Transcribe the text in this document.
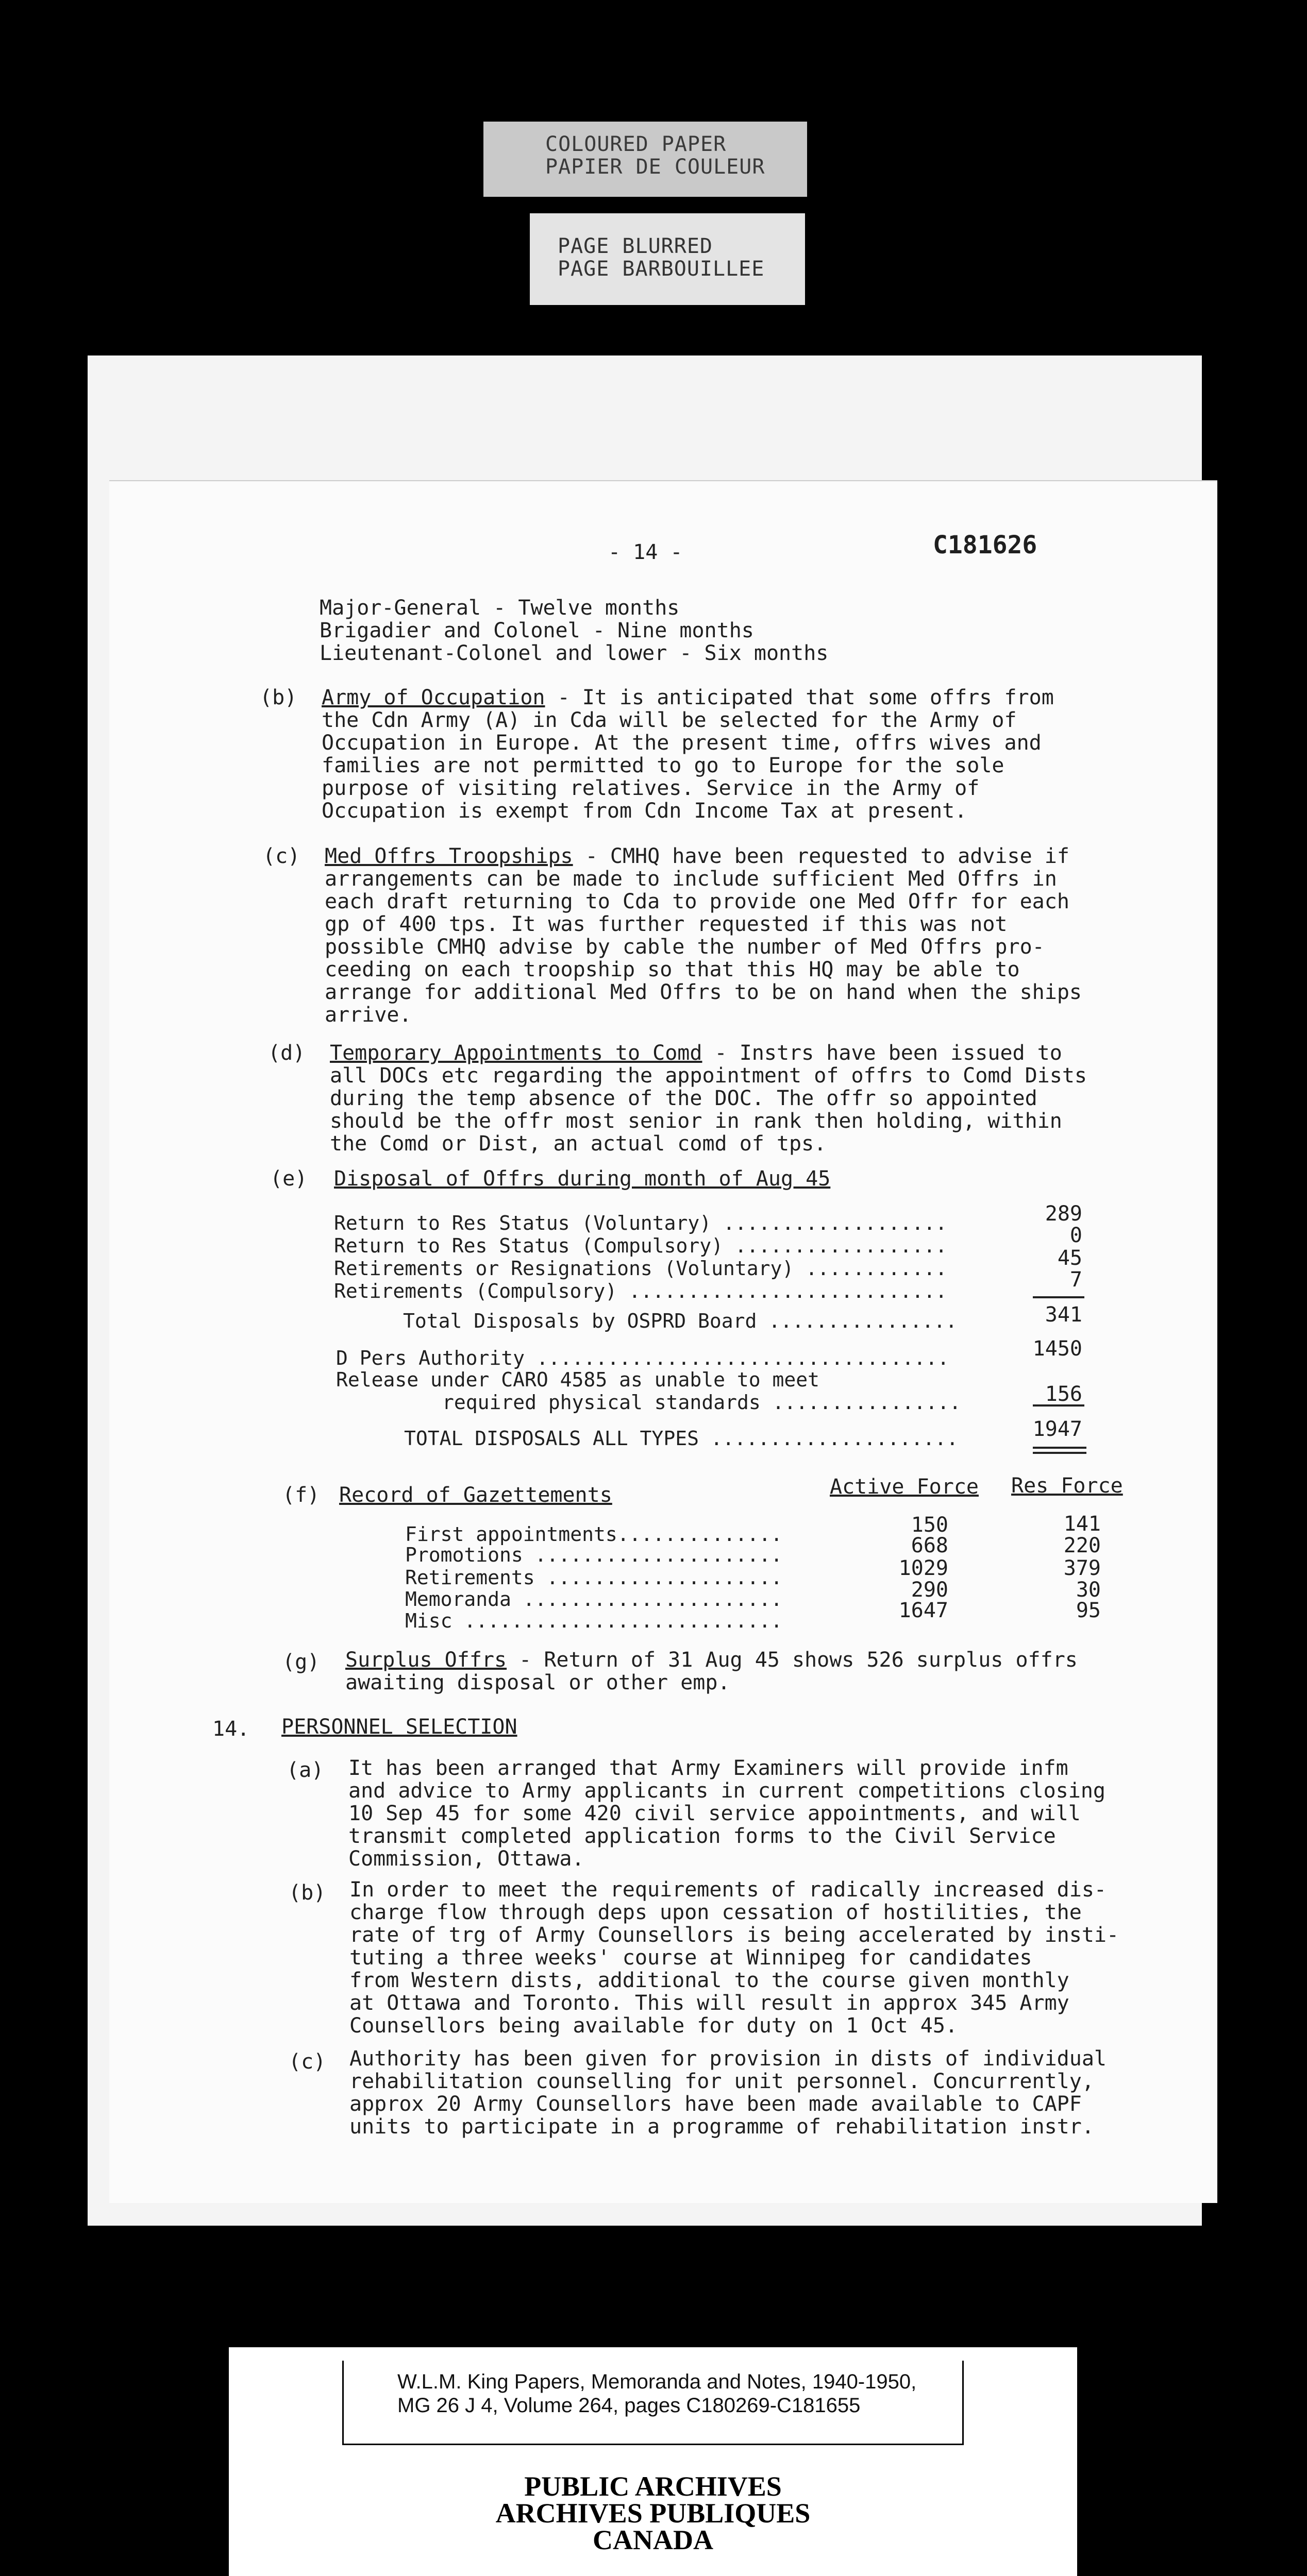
COLOURED PAPER
PAPIER DE COULEUR
PAGE BLURRED
PAGE BARBOUILLEE
- 14 -	C181626
Major-General - Twelve months
Brigadier and Colonel - Nine months
Lieutenant-Colonel and lower - Six months
(b) Army of Occupation - It is anticipated that some offrs from
the Cdn Army (A) in Cda will be selected for the Army of
Occupation in Europe. At the present time, offrs wives and
families are not permitted to go to Europe for the sole
purpose of visiting relatives. Service in the Army of
Occupation is exempt from Cdn Income Tax at present.
(c) Med Offrs Troopships - CMHQ have been requested to advise if
arrangements can be made to include sufficient Med Offrs in
each draft returning to Cda to provide one Med Offr for each
gp of 400 tps. It was further requested if this was not
possible CMHQ advise by cable the number of Med Offrs pro-
ceeding on each troopship so that this HQ may be able to
arrange for additional Med Offrs to be on hand when the ships
arrive.
(d) Temporary Appointments to Comd - Instrs have been issued to
all DOCs etc regarding the appointment of offrs to Comd Dists
during the temp absence of the DOC. The offr so appointed
should be the offr most senior in rank then holding, within
the Comd or Dist, an actual comd of tps.
(e) Disposal of Offrs during month of Aug 45
Return to Res Status (Voluntary) ...................	289
Return to Res Status (Compulsory) ..................	0
Retirements or Resignations (Voluntary) ............	45
Retirements (Compulsory) ...........................	7
Total Disposals by OSPRD Board ................	341
D Pers Authority ...................................	1450
Release under CARO 4585 as unable to meet
required physical standards ................	156
TOTAL DISPOSALS ALL TYPES .....................	1947
(f) Record of Gazettements	Active Force Res Force
First appointments..............	150	141
Promotions .....................	668	220
Retirements ....................	1029	379
Memoranda ......................	290	30
Misc ...........................	1647	95
(g) Surplus Offrs - Return of 31 Aug 45 shows 526 surplus offrs
awaiting disposal or other emp.
14. PERSONNEL SELECTION
(a) It has been arranged that Army Examiners will provide infm
and advice to Army applicants in current competitions closing
10 Sep 45 for some 420 civil service appointments, and will
transmit completed application forms to the Civil Service
Commission, Ottawa.
(b) In order to meet the requirements of radically increased dis-
charge flow through deps upon cessation of hostilities, the
rate of trg of Army Counsellors is being accelerated by insti-
tuting a three weeks' course at Winnipeg for candidates
from Western dists, additional to the course given monthly
at Ottawa and Toronto. This will result in approx 345 Army
Counsellors being available for duty on 1 Oct 45.
(c) Authority has been given for provision in dists of individual
rehabilitation counselling for unit personnel. Concurrently,
approx 20 Army Counsellors have been made available to CAPF
units to participate in a programme of rehabilitation instr.
W.L.M. King Papers, Memoranda and Notes, 1940-1950,
MG 26 J 4, Volume 264, pages C180269-C181655
PUBLIC ARCHIVES
ARCHIVES PUBLIQUES
CANADA
